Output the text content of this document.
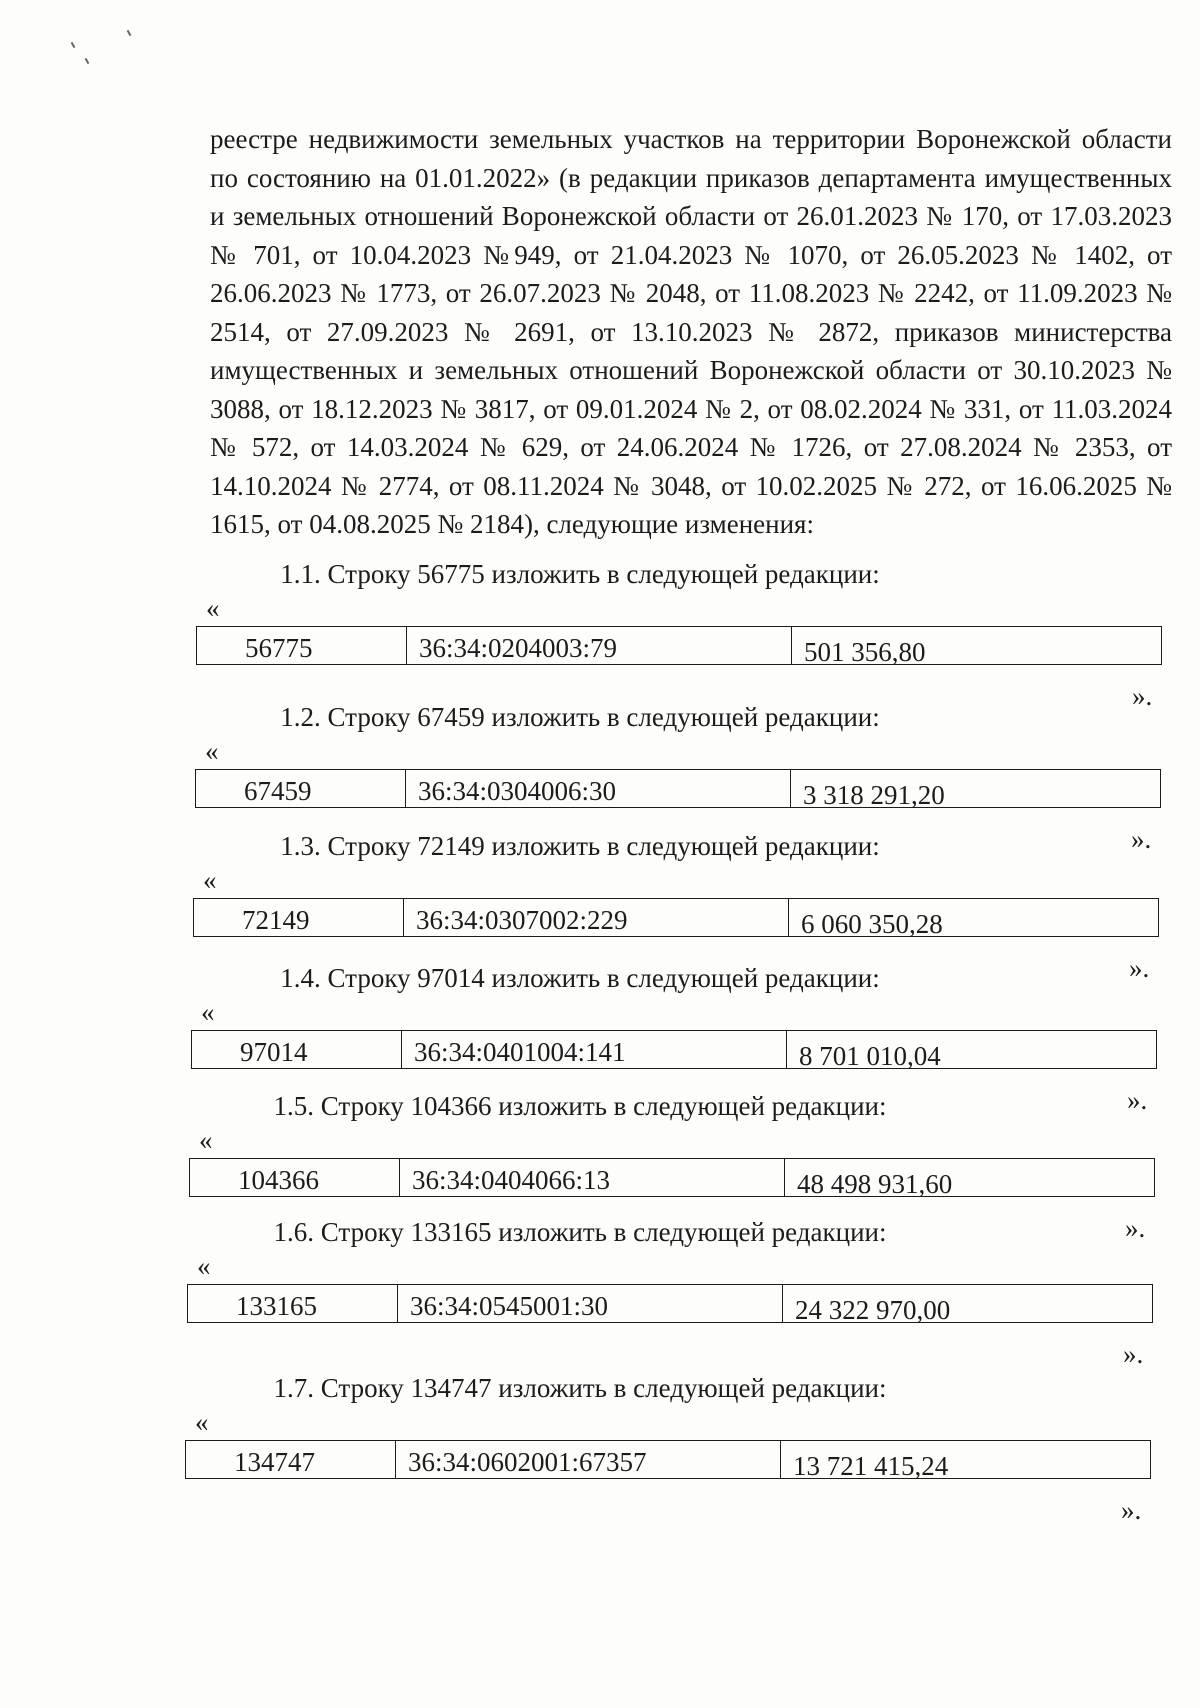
реестре недвижимости земельных участков на территории Воронежской области по состоянию на 01.01.2022» (в редакции приказов департамента имущественных и земельных отношений Воронежской области от 26.01.2023 № 170, от 17.03.2023 № 701, от 10.04.2023 №949, от 21.04.2023 № 1070, от 26.05.2023 № 1402, от 26.06.2023 № 1773, от 26.07.2023 № 2048, от 11.08.2023 № 2242, от 11.09.2023 № 2514, от 27.09.2023 № 2691, от 13.10.2023 № 2872, приказов министерства имущественных и земельных отношений Воронежской области от 30.10.2023 № 3088, от 18.12.2023 № 3817, от 09.01.2024 № 2, от 08.02.2024 № 331, от 11.03.2024 № 572, от 14.03.2024 № 629, от 24.06.2024 № 1726, от 27.08.2024 № 2353, от 14.10.2024 № 2774, от 08.11.2024 № 3048, от 10.02.2025 № 272, от 16.06.2025 № 1615, от 04.08.2025 № 2184), следующие изменения:

1.1. Строку 56775 изложить в следующей редакции:

«
56775	36:34:0204003:79	501 356,80
».

1.2. Строку 67459 изложить в следующей редакции:

«
67459	36:34:0304006:30	3 318 291,20
».

1.3. Строку 72149 изложить в следующей редакции:

«
72149	36:34:0307002:229	6 060 350,28
».

1.4. Строку 97014 изложить в следующей редакции:

«
97014	36:34:0401004:141	8 701 010,04
».

1.5. Строку 104366 изложить в следующей редакции:

«
104366	36:34:0404066:13	48 498 931,60
».

1.6. Строку 133165 изложить в следующей редакции:

«
133165	36:34:0545001:30	24 322 970,00
».

1.7. Строку 134747 изложить в следующей редакции:

«
134747	36:34:0602001:67357	13 721 415,24
».
